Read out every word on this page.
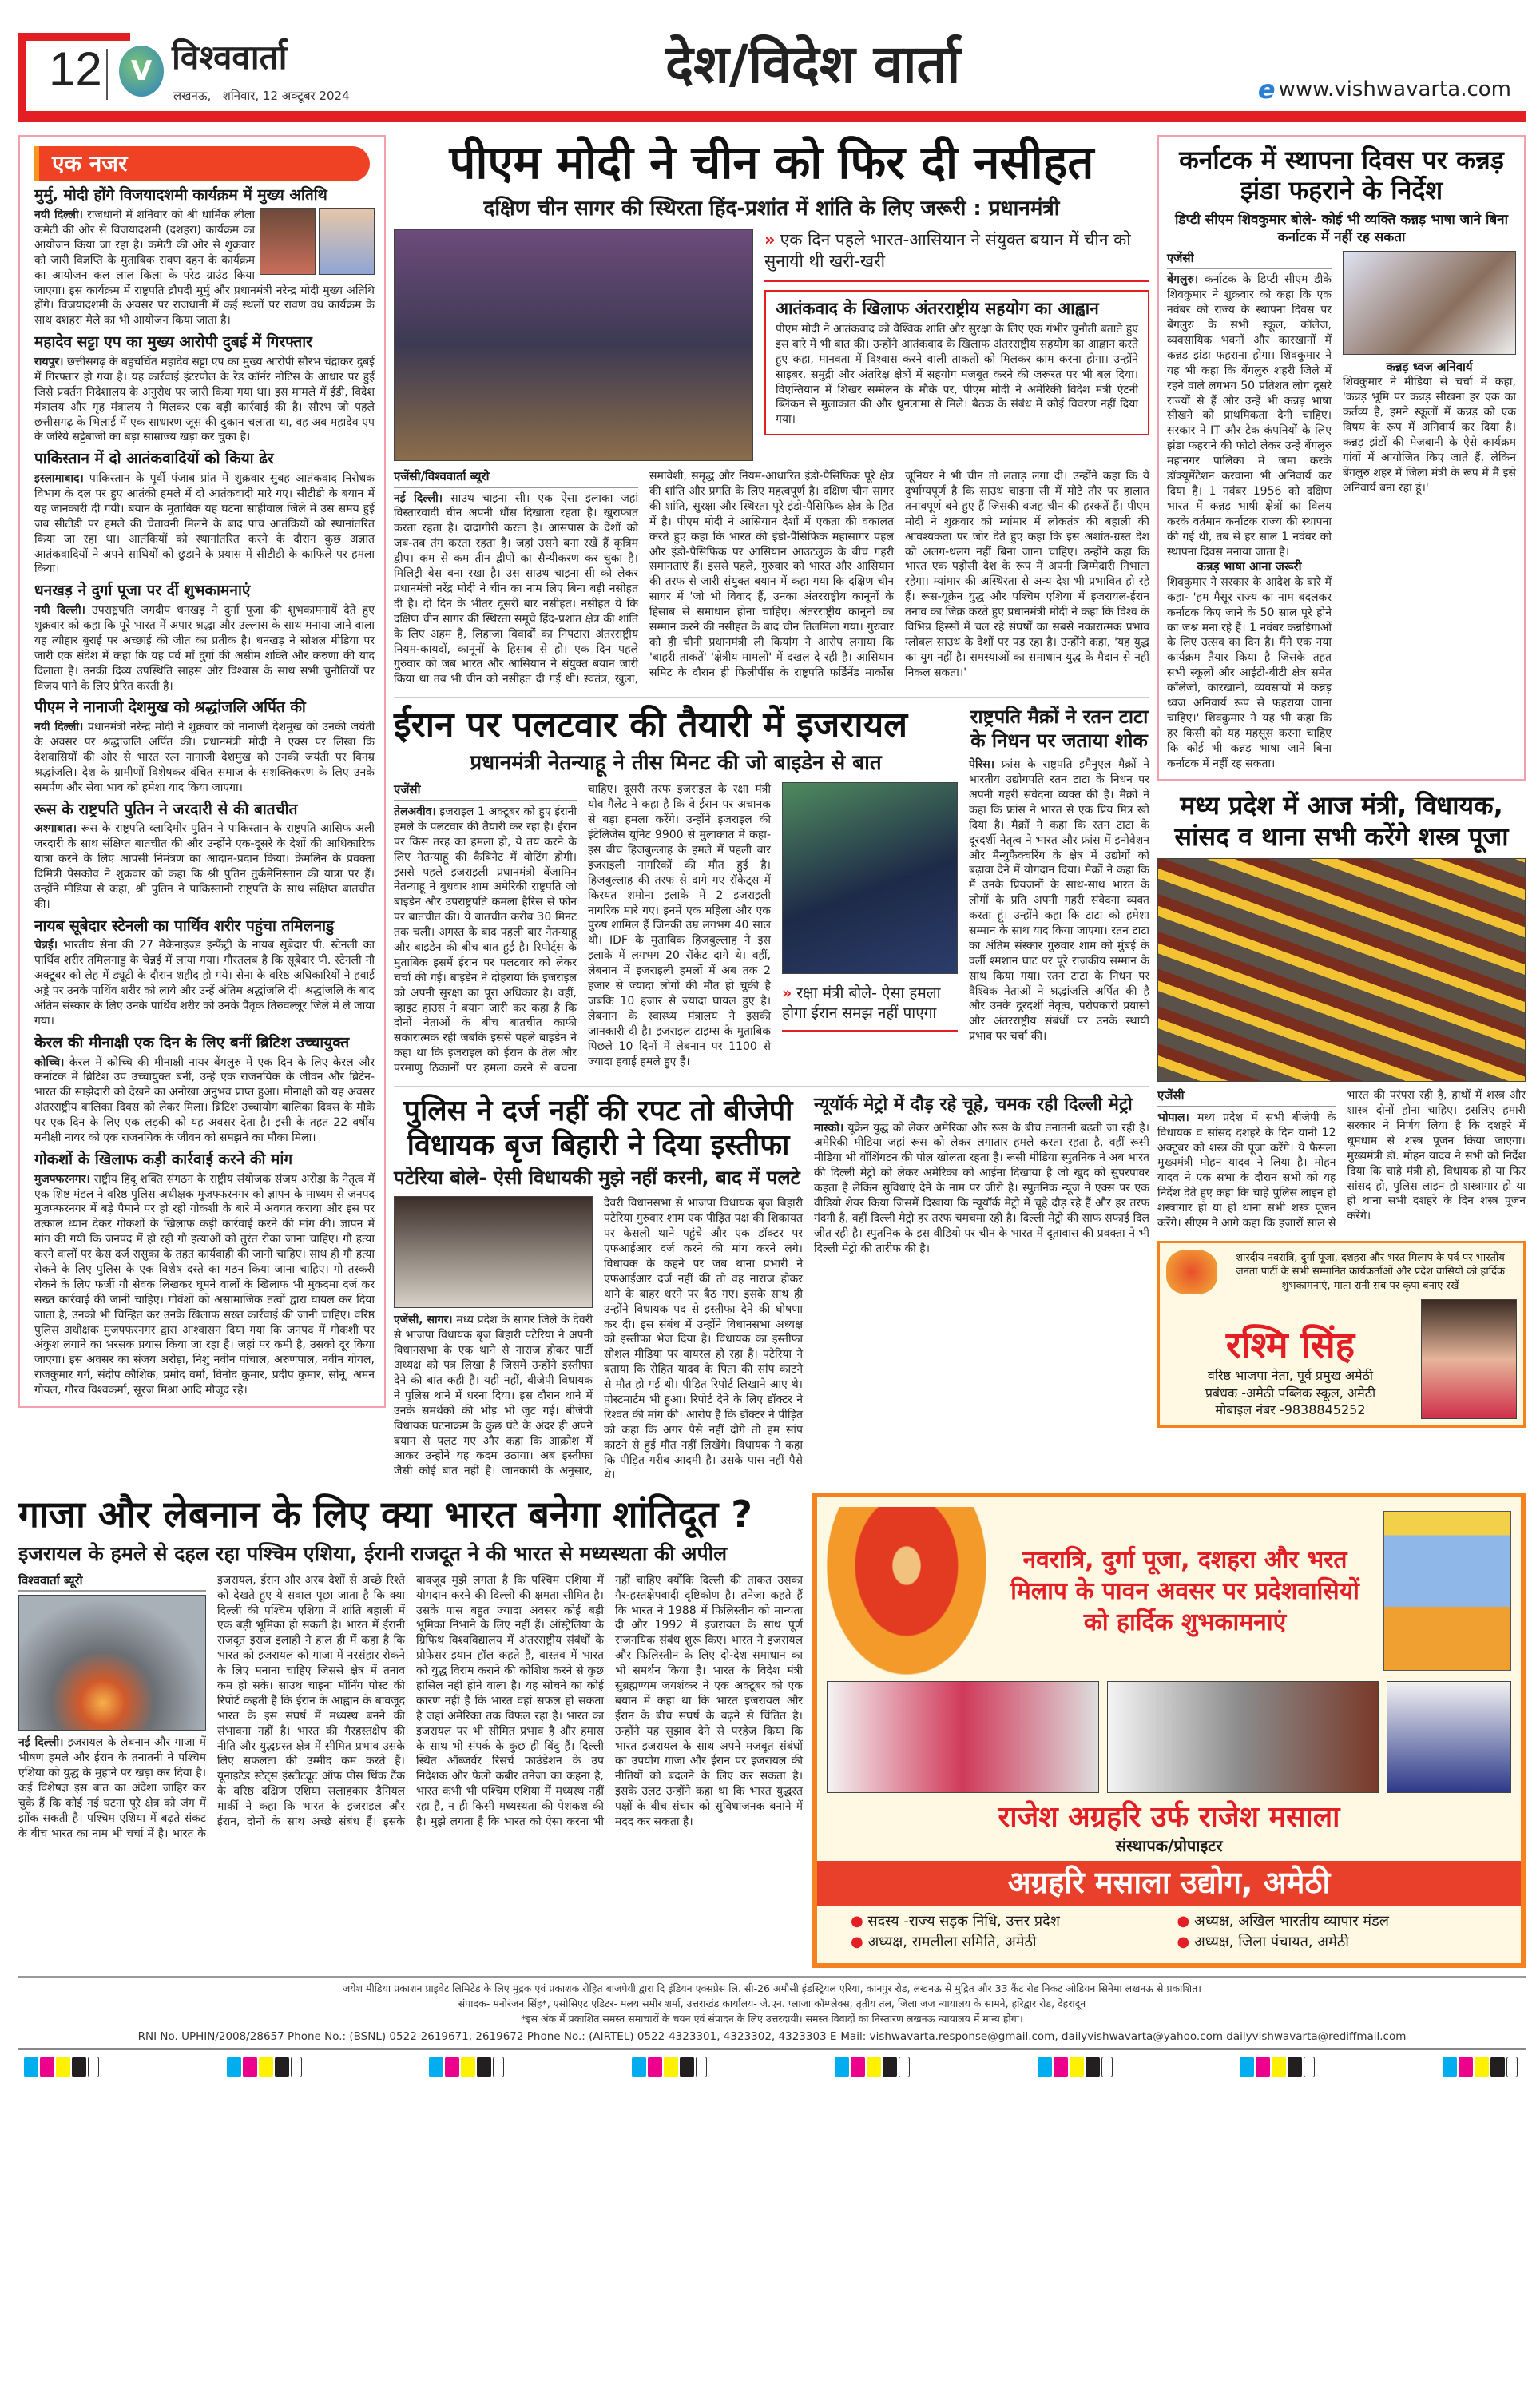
12 V विश्ववार्ता
लखनऊ, शनिवार, 12 अक्टूबर 2024
देश/विदेश वार्ता	e www.vishwavarta.com
एक नजर
मुर्मु, मोदी होंगे विजयादशमी कार्यक्रम में मुख्य अतिथि

नयी दिल्ली। राजधानी में शनिवार को श्री धार्मिक लीला कमेटी की ओर से विजयादशमी (दशहरा) कार्यक्रम का आयोजन किया जा रहा है। कमेटी की ओर से शुक्रवार को जारी विज्ञप्ति के मुताबिक रावण दहन के कार्यक्रम का आयोजन कल लाल किला के परेड ग्राउंड किया जाएगा। इस कार्यक्रम में राष्ट्रपति द्रौपदी मुर्मु और प्रधानमंत्री नरेन्द्र मोदी मुख्य अतिथि होंगे। विजयादशमी के अवसर पर राजधानी में कई स्थलों पर रावण वध कार्यक्रम के साथ दशहरा मेले का भी आयोजन किया जाता है।

महादेव सट्टा एप का मुख्य आरोपी दुबई में गिरफ्तार

रायपुर। छत्तीसगढ़ के बहुचर्चित महादेव सट्टा एप का मुख्य आरोपी सौरभ चंद्राकर दुबई में गिरफ्तार हो गया है। यह कार्रवाई इंटरपोल के रेड कॉर्नर नोटिस के आधार पर हुई जिसे प्रवर्तन निदेशालय के अनुरोध पर जारी किया गया था। इस मामले में ईडी, विदेश मंत्रालय और गृह मंत्रालय ने मिलकर एक बड़ी कार्रवाई की है। सौरभ जो पहले छत्तीसगढ़ के भिलाई में एक साधारण जूस की दुकान चलाता था, वह अब महादेव एप के जरिये सट्टेबाजी का बड़ा साम्राज्य खड़ा कर चुका है।

पाकिस्तान में दो आतंकवादियों को किया ढेर

इस्लामाबाद। पाकिस्तान के पूर्वी पंजाब प्रांत में शुक्रवार सुबह आतंकवाद निरोधक विभाग के दल पर हुए आतंकी हमले में दो आतंकवादी मारे गए। सीटीडी के बयान में यह जानकारी दी गयी। बयान के मुताबिक यह घटना साहीवाल जिले में उस समय हुई जब सीटीडी पर हमले की चेतावनी मिलने के बाद पांच आतंकियों को स्थानांतरित किया जा रहा था। आतंकियों को स्थानांतरित करने के दौरान कुछ अज्ञात आतंकवादियों ने अपने साथियों को छुड़ाने के प्रयास में सीटीडी के काफिले पर हमला किया।

धनखड़ ने दुर्गा पूजा पर दीं शुभकामनाएं

नयी दिल्ली। उपराष्ट्रपति जगदीप धनखड़ ने दुर्गा पूजा की शुभकामनायें देते हुए शुक्रवार को कहा कि पूरे भारत में अपार श्रद्धा और उल्लास के साथ मनाया जाने वाला यह त्यौहार बुराई पर अच्छाई की जीत का प्रतीक है। धनखड़ ने सोशल मीडिया पर जारी एक संदेश में कहा कि यह पर्व माँ दुर्गा की असीम शक्ति और करुणा की याद दिलाता है। उनकी दिव्य उपस्थिति साहस और विश्वास के साथ सभी चुनौतियों पर विजय पाने के लिए प्रेरित करती है।

पीएम ने नानाजी देशमुख को श्रद्धांजलि अर्पित की

नयी दिल्ली। प्रधानमंत्री नरेन्द्र मोदी ने शुक्रवार को नानाजी देशमुख को उनकी जयंती के अवसर पर श्रद्धांजलि अर्पित की। प्रधानमंत्री मोदी ने एक्स पर लिखा कि देशवासियों की ओर से भारत रत्न नानाजी देशमुख को उनकी जयंती पर विनम्र श्रद्धांजलि। देश के ग्रामीणों विशेषकर वंचित समाज के सशक्तिकरण के लिए उनके समर्पण और सेवा भाव को हमेशा याद किया जाएगा।

रूस के राष्ट्रपति पुतिन ने जरदारी से की बातचीत

अश्गाबात। रूस के राष्ट्रपति व्लादिमीर पुतिन ने पाकिस्तान के राष्ट्रपति आसिफ अली जरदारी के साथ संक्षिप्त बातचीत की और उन्होंने एक-दूसरे के देशों की आधिकारिक यात्रा करने के लिए आपसी निमंत्रण का आदान-प्रदान किया। क्रेमलिन के प्रवक्ता दिमित्री पेसकोव ने शुक्रवार को कहा कि श्री पुतिन तुर्कमेनिस्तान की यात्रा पर हैं। उन्होंने मीडिया से कहा, श्री पुतिन ने पाकिस्तानी राष्ट्रपति के साथ संक्षिप्त बातचीत की।

नायब सूबेदार स्टेनली का पार्थिव शरीर पहुंचा तमिलनाडु

चेन्नई। भारतीय सेना की 27 मैकेनाइज्ड इन्फैंट्री के नायब सूबेदार पी. स्टेनली का पार्थिव शरीर तमिलनाडु के चेन्नई में लाया गया। गौरतलब है कि सूबेदार पी. स्टेनली नौ अक्टूबर को लेह में ड्यूटी के दौरान शहीद हो गये। सेना के वरिष्ठ अधिकारियों ने हवाई अड्डे पर उनके पार्थिव शरीर को लाये और उन्हें अंतिम श्रद्धांजलि दी। श्रद्धांजलि के बाद अंतिम संस्कार के लिए उनके पार्थिव शरीर को उनके पैतृक तिरुवल्लूर जिले में ले जाया गया।

केरल की मीनाक्षी एक दिन के लिए बनीं ब्रिटिश उच्चायुक्त

कोच्चि। केरल में कोच्चि की मीनाक्षी नायर बेंगलुरु में एक दिन के लिए केरल और कर्नाटक में ब्रिटिश उप उच्चायुक्त बनीं, उन्हें एक राजनयिक के जीवन और ब्रिटेन-भारत की साझेदारी को देखने का अनोखा अनुभव प्राप्त हुआ। मीनाक्षी को यह अवसर अंतरराष्ट्रीय बालिका दिवस को लेकर मिला। ब्रिटिश उच्चायोग बालिका दिवस के मौके पर एक दिन के लिए एक लड़की को यह अवसर देता है। इसी के तहत 22 वर्षीय मनीक्षी नायर को एक राजनयिक के जीवन को समझने का मौका मिला।

गोकशों के खिलाफ कड़ी कार्रवाई करने की मांग

मुजफ्फरनगर। राष्ट्रीय हिंदू शक्ति संगठन के राष्ट्रीय संयोजक संजय अरोड़ा के नेतृत्व में एक शिष्ट मंडल ने वरिष्ठ पुलिस अधीक्षक मुजफ्फरनगर को ज्ञापन के माध्यम से जनपद मुजफ्फरनगर में बड़े पैमाने पर हो रही गोकशी के बारे में अवगत कराया और इस पर तत्काल ध्यान देकर गोकशों के खिलाफ कड़ी कार्रवाई करने की मांग की। ज्ञापन में मांग की गयी कि जनपद में हो रही गौ हत्याओं को तुरंत रोका जाना चाहिए। गौ हत्या करने वालों पर केस दर्ज रासुका के तहत कार्यवाही की जानी चाहिए। साथ ही गौ हत्या रोकने के लिए पुलिस के एक विशेष दस्ते का गठन किया जाना चाहिए। गो तस्करी रोकने के लिए फर्जी गौ सेवक लिखकर घूमने वालों के खिलाफ भी मुकदमा दर्ज कर सख्त कार्रवाई की जानी चाहिए। गोवंशों को असामाजिक तत्वों द्वारा घायल कर दिया जाता है, उनको भी चिन्हित कर उनके खिलाफ सख्त कार्रवाई की जानी चाहिए। वरिष्ठ पुलिस अधीक्षक मुजफ्फरनगर द्वारा आश्वासन दिया गया कि जनपद में गोकशी पर अंकुश लगाने का भरसक प्रयास किया जा रहा है। जहां पर कमी है, उसको दूर किया जाएगा। इस अवसर का संजय अरोड़ा, निशु नवीन पांचाल, अरुणपाल, नवीन गोयल, राजकुमार गर्ग, संदीप कौशिक, प्रमोद वर्मा, विनोद कुमार, प्रदीप कुमार, सोनू, अमन गोयल, गौरव विश्वकर्मा, सूरज मिश्रा आदि मौजूद रहे।

पीएम मोदी ने चीन को फिर दी नसीहत
दक्षिण चीन सागर की स्थिरता हिंद-प्रशांत में शांति के लिए जरूरी : प्रधानमंत्री
» एक दिन पहले भारत-आसियान ने संयुक्त बयान में चीन को सुनायी थी खरी-खरी
आतंकवाद के खिलाफ अंतरराष्ट्रीय सहयोग का आह्वान

पीएम मोदी ने आतंकवाद को वैश्विक शांति और सुरक्षा के लिए एक गंभीर चुनौती बताते हुए इस बारे में भी बात की। उन्होंने आतंकवाद के खिलाफ अंतरराष्ट्रीय सहयोग का आह्वान करते हुए कहा, मानवता में विश्वास करने वाली ताकतों को मिलकर काम करना होगा। उन्होंने साइबर, समुद्री और अंतरिक्ष क्षेत्रों में सहयोग मजबूत करने की जरूरत पर भी बल दिया। विएन्तियान में शिखर सम्मेलन के मौके पर, पीएम मोदी ने अमेरिकी विदेश मंत्री एंटनी ब्लिंकन से मुलाकात की और थ्रुनलामा से मिले। बैठक के संबंध में कोई विवरण नहीं दिया गया।

एजेंसी/विश्ववार्ता ब्यूरो

नई दिल्ली। साउथ चाइना सी। एक ऐसा इलाका जहां विस्तारवादी चीन अपनी धौंस दिखाता रहता है। खुराफात करता रहता है। दादागीरी करता है। आसपास के देशों को जब-तब तंग करता रहता है। जहां उसने बना रखें हैं कृत्रिम द्वीप। कम से कम तीन द्वीपों का सैन्यीकरण कर चुका है। मिलिट्री बेस बना रखा है। उस साउथ चाइना सी को लेकर प्रधानमंत्री नरेंद्र मोदी ने चीन का नाम लिए बिना बड़ी नसीहत दी है। दो दिन के भीतर दूसरी बार नसीहत। नसीहत ये कि दक्षिण चीन सागर की स्थिरता समूचे हिंद-प्रशांत क्षेत्र की शांति के लिए अहम है, लिहाजा विवादों का निपटारा अंतरराष्ट्रीय नियम-कायदों, कानूनों के हिसाब से हो। एक दिन पहले गुरुवार को जब भारत और आसियान ने संयुक्त बयान जारी किया था तब भी चीन को नसीहत दी गई थी। स्वतंत्र, खुला, समावेशी, समृद्ध और नियम-आधारित इंडो-पैसिफिक पूरे क्षेत्र की शांति और प्रगति के लिए महत्वपूर्ण है। दक्षिण चीन सागर की शांति, सुरक्षा और स्थिरता पूरे इंडो-पैसिफिक क्षेत्र के हित में है। पीएम मोदी ने आसियान देशों में एकता की वकालत करते हुए कहा कि भारत की इंडो-पैसिफिक महासागर पहल और इंडो-पैसिफिक पर आसियान आउटलुक के बीच गहरी समानताएं हैं। इससे पहले, गुरुवार को भारत और आसियान की तरफ से जारी संयुक्त बयान में कहा गया कि दक्षिण चीन सागर में 'जो भी विवाद हैं, उनका अंतरराष्ट्रीय कानूनों के हिसाब से समाधान होना चाहिए। अंतरराष्ट्रीय कानूनों का सम्मान करने की नसीहत के बाद चीन तिलमिला गया। गुरुवार को ही चीनी प्रधानमंत्री ली कियांग ने आरोप लगाया कि 'बाहरी ताकतें' 'क्षेत्रीय मामलों' में दखल दे रही है। आसियान समिट के दौरान ही फिलीपींस के राष्ट्रपति फर्डिनेंड मार्कोस जूनियर ने भी चीन तो लताड़ लगा दी। उन्होंने कहा कि ये दुर्भाग्यपूर्ण है कि साउथ चाइना सी में मोटे तौर पर हालात तनावपूर्ण बने हुए हैं जिसकी वजह चीन की हरकतें हैं। पीएम मोदी ने शुक्रवार को म्यांमार में लोकतंत्र की बहाली की आवश्यकता पर जोर देते हुए कहा कि इस अशांत-ग्रस्त देश को अलग-थलग नहीं बिना जाना चाहिए। उन्होंने कहा कि भारत एक पड़ोसी देश के रूप में अपनी जिम्मेदारी निभाता रहेगा। म्यांमार की अस्थिरता से अन्य देश भी प्रभावित हो रहे हैं। रूस-यूक्रेन युद्ध और पश्चिम एशिया में इजरायल-ईरान तनाव का जिक्र करते हुए प्रधानमंत्री मोदी ने कहा कि विश्व के विभिन्न हिस्सों में चल रहे संघर्षों का सबसे नकारात्मक प्रभाव ग्लोबल साउथ के देशों पर पड़ रहा है। उन्होंने कहा, 'यह युद्ध का युग नहीं है। समस्याओं का समाधान युद्ध के मैदान से नहीं निकल सकता।'

ईरान पर पलटवार की तैयारी में इजरायल
प्रधानमंत्री नेतन्याहू ने तीस मिनट की जो बाइडेन से बात
एजेंसी

तेलअवीव। इजराइल 1 अक्टूबर को हुए ईरानी हमले के पलटवार की तैयारी कर रहा है। ईरान पर किस तरह का हमला हो, ये तय करने के लिए नेतन्याहू की कैबिनेट में वोटिंग होगी। इससे पहले इजराइली प्रधानमंत्री बेंजामिन नेतन्याहू ने बुधवार शाम अमेरिकी राष्ट्रपति जो बाइडेन और उपराष्ट्रपति कमला हैरिस से फोन पर बातचीत की। ये बातचीत करीब 30 मिनट तक चली। अगस्त के बाद पहली बार नेतन्याहू और बाइडेन की बीच बात हुई है। रिपोर्ट्स के मुताबिक इसमें ईरान पर पलटवार को लेकर चर्चा की गई। बाइडेन ने दोहराया कि इजराइल को अपनी सुरक्षा का पूरा अधिकार है। वहीं, व्हाइट हाउस ने बयान जारी कर कहा है कि दोनों नेताओं के बीच बातचीत काफी सकारात्मक रही जबकि इससे पहले बाइडेन ने कहा था कि इजराइल को ईरान के तेल और परमाणु ठिकानों पर हमला करने से बचना चाहिए। दूसरी तरफ इजराइल के रक्षा मंत्री योव गैलेंट ने कहा है कि वे ईरान पर अचानक से बड़ा हमला करेंगे। उन्होंने इजराइल की इंटेलिजेंस यूनिट 9900 से मुलाकात में कहा-इस बीच हिजबुल्लाह के हमले में पहली बार इजराइली नागरिकों की मौत हुई है। हिजबुल्लाह की तरफ से दागे गए रॉकेट्स में किरयत शमोना इलाके में 2 इजराइली नागरिक मारे गए। इनमें एक महिला और एक पुरुष शामिल हैं जिनकी उम्र लगभग 40 साल थी। IDF के मुताबिक हिजबुल्लाह ने इस इलाके में लगभग 20 रॉकेट दागे थे। वहीं, लेबनान में इजराइली हमलों में अब तक 2 हजार से ज्यादा लोगों की मौत हो चुकी है जबकि 10 हजार से ज्यादा घायल हुए है। लेबनान के स्वास्थ्य मंत्रालय ने इसकी जानकारी दी है। इजराइल टाइम्स के मुताबिक पिछले 10 दिनों में लेबनान पर 1100 से ज्यादा हवाई हमले हुए हैं।

» रक्षा मंत्री बोले- ऐसा हमला होगा ईरान समझ नहीं पाएगा
राष्ट्रपति मैक्रों ने रतन टाटा के निधन पर जताया शोक

पेरिस। फ्रांस के राष्ट्रपति इमैनुएल मैक्रों ने भारतीय उद्योगपति रतन टाटा के निधन पर अपनी गहरी संवेदना व्यक्त की है। मैक्रों ने कहा कि फ्रांस ने भारत से एक प्रिय मित्र खो दिया है। मैक्रों ने कहा कि रतन टाटा के दूरदर्शी नेतृत्व ने भारत और फ्रांस में इनोवेशन और मैन्युफैक्चरिंग के क्षेत्र में उद्योगों को बढ़ावा देने में योगदान दिया। मैक्रों ने कहा कि मैं उनके प्रियजनों के साथ-साथ भारत के लोगों के प्रति अपनी गहरी संवेदना व्यक्त करता हूं। उन्होंने कहा कि टाटा को हमेशा सम्मान के साथ याद किया जाएगा। रतन टाटा का अंतिम संस्कार गुरुवार शाम को मुंबई के वर्ली श्मशान घाट पर पूरे राजकीय सम्मान के साथ किया गया। रतन टाटा के निधन पर वैश्विक नेताओं ने श्रद्धांजलि अर्पित की है और उनके दूरदर्शी नेतृत्व, परोपकारी प्रयासों और अंतरराष्ट्रीय संबंधों पर उनके स्थायी प्रभाव पर चर्चा की।

पुलिस ने दर्ज नहीं की रपट तो बीजेपी विधायक बृज बिहारी ने दिया इस्तीफा
पटेरिया बोले- ऐसी विधायकी मुझे नहीं करनी, बाद में पलटे

एजेंसी, सागर। मध्य प्रदेश के सागर जिले के देवरी से भाजपा विधायक बृज बिहारी पटेरिया ने अपनी विधानसभा के एक थाने से नाराज होकर पार्टी अध्यक्ष को पत्र लिखा है जिसमें उन्होंने इस्तीफा देने की बात कही है। यही नहीं, बीजेपी विधायक ने पुलिस थाने में धरना दिया। इस दौरान थाने में उनके समर्थकों की भीड़ भी जुट गई। बीजेपी विधायक घटनाक्रम के कुछ घंटे के अंदर ही अपने बयान से पलट गए और कहा कि आक्रोश में आकर उन्होंने यह कदम उठाया। अब इस्तीफा जैसी कोई बात नहीं है। जानकारी के अनुसार, देवरी विधानसभा से भाजपा विधायक बृज बिहारी पटेरिया गुरुवार शाम एक पीड़ित पक्ष की शिकायत पर केसली थाने पहुंचे और एक डॉक्टर पर एफआईआर दर्ज करने की मांग करने लगे। विधायक के कहने पर जब थाना प्रभारी ने एफआईआर दर्ज नहीं की तो वह नाराज होकर थाने के बाहर धरने पर बैठ गए। इसके साथ ही उन्होंने विधायक पद से इस्तीफा देने की घोषणा कर दी। इस संबंध में उन्होंने विधानसभा अध्यक्ष को इस्तीफा भेज दिया है। विधायक का इस्तीफा सोशल मीडिया पर वायरल हो रहा है। पटेरिया ने बताया कि रोहित यादव के पिता की सांप काटने से मौत हो गई थी। पीड़ित रिपोर्ट लिखाने आए थे। पोस्टमार्टम भी हुआ। रिपोर्ट देने के लिए डॉक्टर ने रिश्वत की मांग की। आरोप है कि डॉक्टर ने पीड़ित को कहा कि अगर पैसे नहीं दोगे तो हम सांप काटने से हुई मौत नहीं लिखेंगे। विधायक ने कहा कि पीड़ित गरीब आदमी है। उसके पास नहीं पैसे थे।

न्यूयॉर्क मेट्रो में दौड़ रहे चूहे, चमक रही दिल्ली मेट्रो

मास्को। यूक्रेन युद्ध को लेकर अमेरिका और रूस के बीच तनातनी बढ़ती जा रही है। अमेरिकी मीडिया जहां रूस को लेकर लगातार हमले करता रहता है, वहीं रूसी मीडिया भी वॉशिंगटन की पोल खोलता रहता है। रूसी मीडिया स्पुतनिक ने अब भारत की दिल्ली मेट्रो को लेकर अमेरिका को आईना दिखाया है जो खुद को सुपरपावर कहता है लेकिन सुविधाएं देने के नाम पर जीरो है। स्पुतनिक न्यूज ने एक्स पर एक वीडियो शेयर किया जिसमें दिखाया कि न्यूयॉर्क मेट्रो में चूहे दौड़ रहे हैं और हर तरफ गंदगी है, वहीं दिल्ली मेट्रो हर तरफ चमचमा रही है। दिल्ली मेट्रो की साफ सफाई दिल जीत रही है। स्पुतनिक के इस वीडियो पर चीन के भारत में दूतावास की प्रवक्ता ने भी दिल्ली मेट्रो की तारीफ की है।

कर्नाटक में स्थापना दिवस पर कन्नड़ झंडा फहराने के निर्देश
डिप्टी सीएम शिवकुमार बोले- कोई भी व्यक्ति कन्नड़ भाषा जाने बिना कर्नाटक में नहीं रह सकता
एजेंसी

बेंगलुरु। कर्नाटक के डिप्टी सीएम डीके शिवकुमार ने शुक्रवार को कहा कि एक नवंबर को राज्य के स्थापना दिवस पर बेंगलुरु के सभी स्कूल, कॉलेज, व्यवसायिक भवनों और कारखानों में कन्नड़ झंडा फहराना होगा। शिवकुमार ने यह भी कहा कि बेंगलुरु शहरी जिले में रहने वाले लगभग 50 प्रतिशत लोग दूसरे राज्यों से हैं और उन्हें भी कन्नड़ भाषा सीखने को प्राथमिकता देनी चाहिए। सरकार ने IT और टेक कंपनियों के लिए झंडा फहराने की फोटो लेकर उन्हें बेंगलुरु महानगर पालिका में जमा करके डॉक्यूमेंटेशन करवाना भी अनिवार्य कर दिया है। 1 नवंबर 1956 को दक्षिण भारत में कन्नड़ भाषी क्षेत्रों का विलय करके वर्तमान कर्नाटक राज्य की स्थापना की गई थी, तब से हर साल 1 नवंबर को स्थापना दिवस मनाया जाता है।

कन्नड़ भाषा आना जरूरी

शिवकुमार ने सरकार के आदेश के बारे में कहा- 'हम मैसूर राज्य का नाम बदलकर कर्नाटक किए जाने के 50 साल पूरे होने का जश्न मना रहे हैं। 1 नवंबर कन्नडिगाओं के लिए उत्सव का दिन है। मैंने एक नया कार्यक्रम तैयार किया है जिसके तहत सभी स्कूलों और आईटी-बीटी क्षेत्र समेत कॉलेजों, कारखानों, व्यवसायों में कन्नड़ ध्वज अनिवार्य रूप से फहराया जाना चाहिए।' शिवकुमार ने यह भी कहा कि हर किसी को यह महसूस करना चाहिए कि कोई भी कन्नड़ भाषा जाने बिना कर्नाटक में नहीं रह सकता।

कन्नड़ ध्वज अनिवार्य

शिवकुमार ने मीडिया से चर्चा में कहा, 'कन्नड़ भूमि पर कन्नड़ सीखना हर एक का कर्तव्य है, हमने स्कूलों में कन्नड़ को एक विषय के रूप में अनिवार्य कर दिया है। कन्नड़ झंडों की मेजबानी के ऐसे कार्यक्रम गांवों में आयोजित किए जाते हैं, लेकिन बेंगलुरु शहर में जिला मंत्री के रूप में मैं इसे अनिवार्य बना रहा हूं।'

मध्य प्रदेश में आज मंत्री, विधायक, सांसद व थाना सभी करेंगे शस्त्र पूजा
एजेंसी

भोपाल। मध्य प्रदेश में सभी बीजेपी के विधायक व सांसद दशहरे के दिन यानी 12 अक्टूबर को शस्त्र की पूजा करेंगे। ये फैसला मुख्यमंत्री मोहन यादव ने लिया है। मोहन यादव ने एक सभा के दौरान सभी को यह निर्देश देते हुए कहा कि चाहे पुलिस लाइन हो शस्त्रागार हो या हो थाना सभी शस्त्र पूजन करेंगे। सीएम ने आगे कहा कि हजारों साल से भारत की परंपरा रही है, हाथों में शस्त्र और शास्त्र दोनों होना चाहिए। इसलिए हमारी सरकार ने निर्णय लिया है कि दशहरे में धूमधाम से शस्त्र पूजन किया जाएगा। मुख्यमंत्री डॉ. मोहन यादव ने सभी को निर्देश दिया कि चाहे मंत्री हो, विधायक हो या फिर सांसद हो, पुलिस लाइन हो शस्त्रागार हो या हो थाना सभी दशहरे के दिन शस्त्र पूजन करेंगे।

शारदीय नवरात्रि, दुर्गा पूजा, दशहरा और भरत मिलाप के पर्व पर भारतीय जनता पार्टी के सभी सम्मानित कार्यकर्ताओं और प्रदेश वासियों को हार्दिक शुभकामनाएं, माता रानी सब पर कृपा बनाए रखें

रश्मि सिंह
वरिष्ठ भाजपा नेता, पूर्व प्रमुख अमेठी
प्रबंधक -अमेठी पब्लिक स्कूल, अमेठी
मोबाइल नंबर -9838845252
गाजा और लेबनान के लिए क्या भारत बनेगा शांतिदूत ?
इजरायल के हमले से दहल रहा पश्चिम एशिया, ईरानी राजदूत ने की भारत से मध्यस्थता की अपील
विश्ववार्ता ब्यूरो

नई दिल्ली। इजरायल के लेबनान और गाजा में भीषण हमले और ईरान के तनातनी ने पश्चिम एशिया को युद्ध के मुहाने पर खड़ा कर दिया है। कई विशेषज्ञ इस बात का अंदेशा जाहिर कर चुके हैं कि कोई नई घटना पूरे क्षेत्र को जंग में झोंक सकती है। पश्चिम एशिया में बढ़ते संकट के बीच भारत का नाम भी चर्चा में है। भारत के इजरायल, ईरान और अरब देशों से अच्छे रिश्ते को देखते हुए ये सवाल पूछा जाता है कि क्या दिल्ली की पश्चिम एशिया में शांति बहाली में एक बड़ी भूमिका हो सकती है। भारत में ईरानी राजदूत इराज इलाही ने हाल ही में कहा है कि भारत को इजरायल को गाजा में नरसंहार रोकने के लिए मनाना चाहिए जिससे क्षेत्र में तनाव कम हो सके। साउथ चाइना मॉर्निंग पोस्ट की रिपोर्ट कहती है कि ईरान के आह्वान के बावजूद भारत के इस संघर्ष में मध्यस्थ बनने की संभावना नहीं है। भारत की गैरहस्तक्षेप की नीति और युद्धग्रस्त क्षेत्र में सीमित प्रभाव उसके लिए सफलता की उम्मीद कम करते हैं। यूनाइटेड स्टेट्स इंस्टीट्यूट ऑफ पीस थिंक टैंक के वरिष्ठ दक्षिण एशिया सलाहकार डैनियल मार्की ने कहा कि भारत के इजराइल और ईरान, दोनों के साथ अच्छे संबंध हैं। इसके बावजूद मुझे लगता है कि पश्चिम एशिया में योगदान करने की दिल्ली की क्षमता सीमित है। उसके पास बहुत ज्यादा अवसर कोई बड़ी भूमिका निभाने के लिए नहीं हैं। ऑस्ट्रेलिया के ग्रिफिथ विश्वविद्यालय में अंतरराष्ट्रीय संबंधों के प्रोफेसर इयान हॉल कहते हैं, वास्तव में भारत को युद्ध विराम कराने की कोशिश करने से कुछ हासिल नहीं होने वाला है। यह सोचने का कोई कारण नहीं है कि भारत वहां सफल हो सकता है जहां अमेरिका तक विफल रहा है। भारत का इजरायल पर भी सीमित प्रभाव है और हमास के साथ भी संपर्क के कुछ ही बिंदु हैं। दिल्ली स्थित ऑब्जर्वर रिसर्च फाउंडेशन के उप निदेशक और फेलो कबीर तनेजा का कहना है, भारत कभी भी पश्चिम एशिया में मध्यस्थ नहीं रहा है, न ही किसी मध्यस्थता की पेशकश की है। मुझे लगता है कि भारत को ऐसा करना भी नहीं चाहिए क्योंकि दिल्ली की ताकत उसका गैर-हस्तक्षेपवादी दृष्टिकोण है। तनेजा कहते हैं कि भारत ने 1988 में फिलिस्तीन को मान्यता दी और 1992 में इजरायल के साथ पूर्ण राजनयिक संबंध शुरू किए। भारत ने इजरायल और फिलिस्तीन के लिए दो-देश समाधान का भी समर्थन किया है। भारत के विदेश मंत्री सुब्रह्मण्यम जयशंकर ने एक अक्टूबर को एक बयान में कहा था कि भारत इजरायल और ईरान के बीच संघर्ष के बढ़ने से चिंतित है। उन्होंने यह सुझाव देने से परहेज किया कि भारत इजरायल के साथ अपने मजबूत संबंधों का उपयोग गाजा और ईरान पर इजरायल की नीतियों को बदलने के लिए कर सकता है। इसके उलट उन्होंने कहा था कि भारत युद्धरत पक्षों के बीच संचार को सुविधाजनक बनाने में मदद कर सकता है।

नवरात्रि, दुर्गा पूजा, दशहरा और भरत मिलाप के पावन अवसर पर प्रदेशवासियों को हार्दिक शुभकामनाएं
राजेश अग्रहरि उर्फ राजेश मसाला
संस्थापक/प्रोपाइटर
अग्रहरि मसाला उद्योग, अमेठी
● सदस्य -राज्य सड़क निधि, उत्तर प्रदेश	● अध्यक्ष, अखिल भारतीय व्यापार मंडल
● अध्यक्ष, रामलीला समिति, अमेठी	● अध्यक्ष, जिला पंचायत, अमेठी
जयेश मीडिया प्रकाशन प्राइवेट लिमिटेड के लिए मुद्रक एवं प्रकाशक रोहित बाजपेयी द्वारा दि इंडियन एक्सप्रेस लि. सी-26 अमौसी इंडस्ट्रियल एरिया, कानपुर रोड, लखनऊ से मुद्रित और 33 कैंट रोड निकट ओडियन सिनेमा लखनऊ से प्रकाशित।
संपादक- मनोरंजन सिंह*, एसोसिएट एडिटर- मलय समीर शर्मा, उत्तराखंड कार्यालय- जे.एन. प्लाजा कॉम्प्लेक्स, तृतीय तल, जिला जज न्यायालय के सामने, हरिद्वार रोड, देहरादून
*इस अंक में प्रकाशित समस्त समाचारों के चयन एवं संपादन के लिए उत्तरदायी। समस्त विवादों का निस्तारण लखनऊ न्यायालय में मान्य होगा।
RNI No. UPHIN/2008/28657 Phone No.: (BSNL) 0522-2619671, 2619672 Phone No.: (AIRTEL) 0522-4323301, 4323302, 4323303 E-Mail: vishwavarta.response@gmail.com, dailyvishwavarta@yahoo.com dailyvishwavarta@rediffmail.com
